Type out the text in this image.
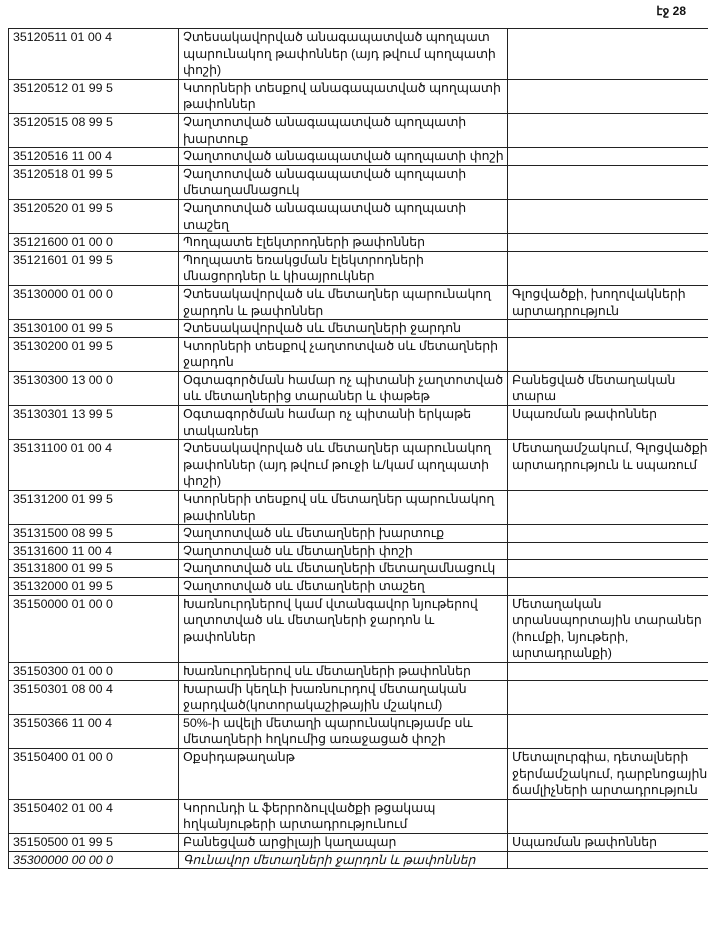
էջ 28
35120511 01 00 4	Չտեսակավորված անագապատված պողպատ պարունակող թափոններ (այդ թվում պողպատի փոշի)	
35120512 01 99 5	Կտորների տեսքով անագապատված պողպատի թափոններ	
35120515 08 99 5	Չաղտոտված անագապատված պողպատի խարտուք	
35120516 11 00 4	Չաղտոտված անագապատված պողպատի փոշի	
35120518 01 99 5	Չաղտոտված անագապատված պողպատի մետաղամնացուկ	
35120520 01 99 5	Չաղտոտված անագապատված պողպատի տաշեղ	
35121600 01 00 0	Պողպատե էլեկտրոդների թափոններ	
35121601 01 99 5	Պողպատե եռակցման էլեկտրոդների մնացորդներ և կիսայրուկներ	
35130000 01 00 0	Չտեսակավորված սև մետաղներ պարունակող ջարդոն և թափոններ	Գլոցվածքի, խողովակների արտադրություն
35130100 01 99 5	Չտեսակավորված սև մետաղների ջարդոն	
35130200 01 99 5	Կտորների տեսքով չաղտոտված սև մետաղների ջարդոն	
35130300 13 00 0	Օգտագործման համար ոչ պիտանի չաղտոտված սև մետաղներից տարաներ և փաթեթ	Բանեցված մետաղական տարա
35130301 13 99 5	Օգտագործման համար ոչ պիտանի երկաթե տակառներ	Սպառման թափոններ
35131100 01 00 4	Չտեսակավորված սև մետաղներ պարունակող թափոններ (այդ թվում թուջի և/կամ պողպատի փոշի)	Մետաղամշակում, Գլոցվածքի արտադրություն և սպառում
35131200 01 99 5	Կտորների տեսքով սև մետաղներ պարունակող թափոններ	
35131500 08 99 5	Չաղտոտված սև մետաղների խարտուք	
35131600 11 00 4	Չաղտոտված սև մետաղների փոշի	
35131800 01 99 5	Չաղտոտված սև մետաղների մետաղամնացուկ	
35132000 01 99 5	Չաղտոտված սև մետաղների տաշեղ	
35150000 01 00 0	Խառնուրդներով կամ վտանգավոր նյութերով աղտոտված սև մետաղների ջարդոն և թափոններ	Մետաղական տրանսպորտային տարաներ (հումքի, նյութերի, արտադրանքի)
35150300 01 00 0	Խառնուրդներով սև մետաղների թափոններ	
35150301 08 00 4	Խարամի կեղևի խառնուրդով մետաղական ջարդված(կոտորակաշիթային մշակում)	
35150366 11 00 4	50%-ի ավելի մետաղի պարունակությամբ սև մետաղների հղկումից առաջացած փոշի	
35150400 01 00 0	Օքսիդաթաղանթ	Մետալուրգիա, դետալների ջերմամշակում, դարբնոցային ճամլիչների արտադրություն
35150402 01 00 4	Կորունդի և ֆերրոձուլվածքի թցակապ հղկանյութերի արտադրությունում	
35150500 01 99 5	Բանեցված արցիլայի կաղապար	Սպառման թափոններ
35300000 00 00 0	Գունավոր մետաղների ջարդոն և թափոններ	
